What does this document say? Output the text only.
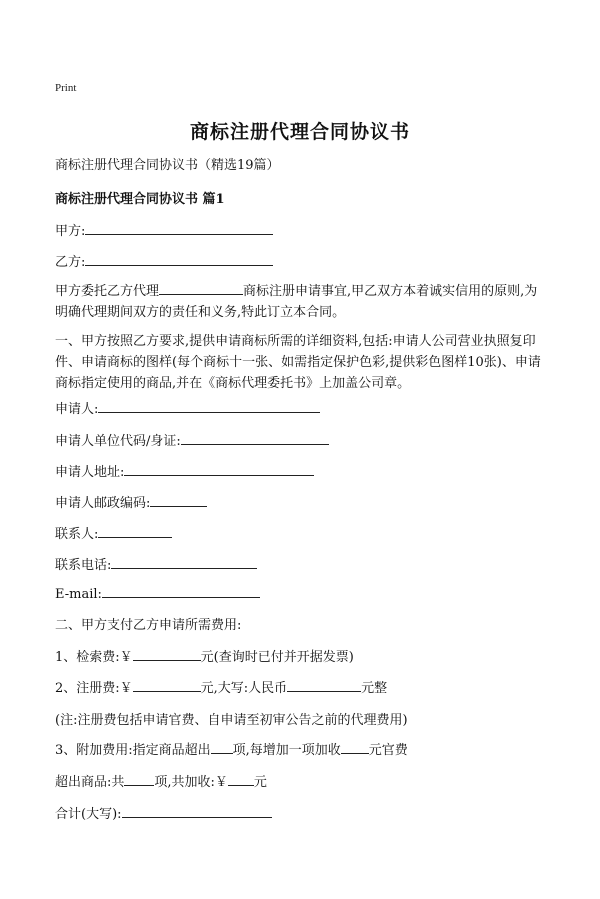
Print
商标注册代理合同协议书
商标注册代理合同协议书（精选19篇）
商标注册代理合同协议书 篇1
甲方:
乙方:
甲方委托乙方代理	商标注册申请事宜,甲乙双方本着诚实信用的原则,为明确代理期间双方的责任和义务,特此订立本合同。
一、甲方按照乙方要求,提供申请商标所需的详细资料,包括:申请人公司营业执照复印件、申请商标的图样(每个商标十一张、如需指定保护色彩,提供彩色图样10张)、申请商标指定使用的商品,并在《商标代理委托书》上加盖公司章。
申请人:
申请人单位代码/身证:
申请人地址:
申请人邮政编码:
联系人:
联系电话:
E-mail:
二、甲方支付乙方申请所需费用:
1、检索费:￥	元(查询时已付并开据发票)
2、注册费:￥	元,大写:人民币	元整
(注:注册费包括申请官费、自申请至初审公告之前的代理费用)
3、附加费用:指定商品超出 项,每增加一项加收 元官费
超出商品:共 项,共加收:￥ 元
合计(大写):
